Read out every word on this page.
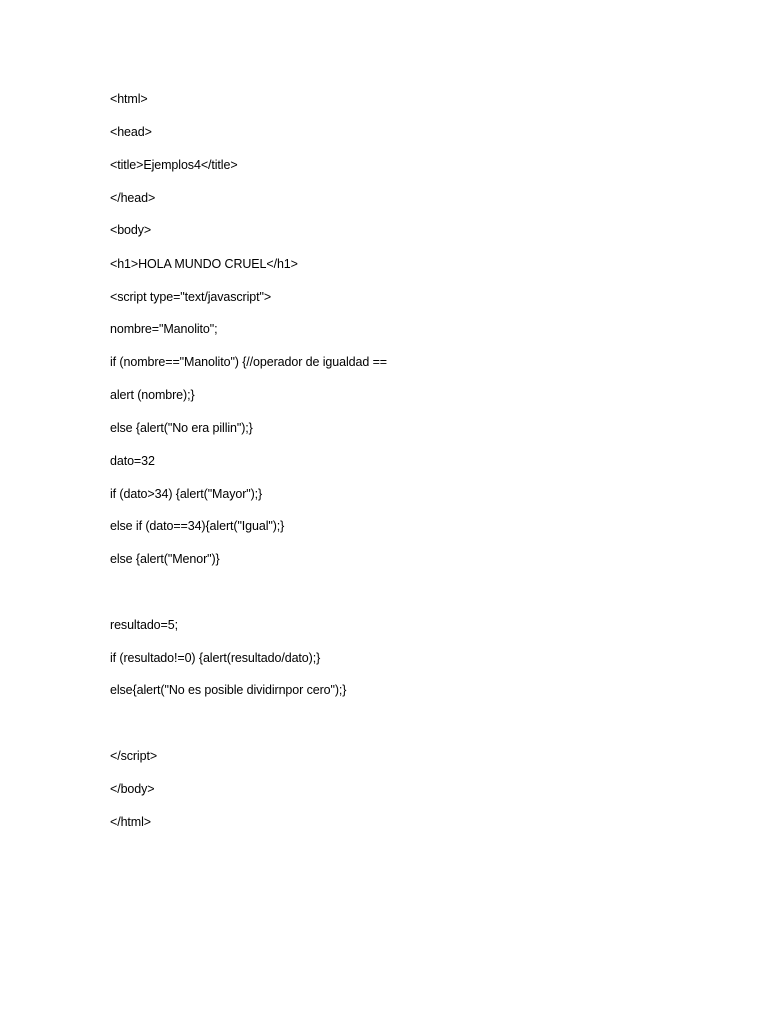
<html>
<head>
<title>Ejemplos4</title>
</head>
<body>
<h1>HOLA MUNDO CRUEL</h1>
<script type="text/javascript">
nombre="Manolito";
if (nombre=="Manolito") {//operador de igualdad ==
alert (nombre);}
else {alert("No era pillin");}
dato=32
if (dato>34) {alert("Mayor");}
else if (dato==34){alert("Igual");}
else {alert("Menor")}
resultado=5;
if (resultado!=0) {alert(resultado/dato);}
else{alert("No es posible dividirnpor cero");}
</script>
</body>
</html>
